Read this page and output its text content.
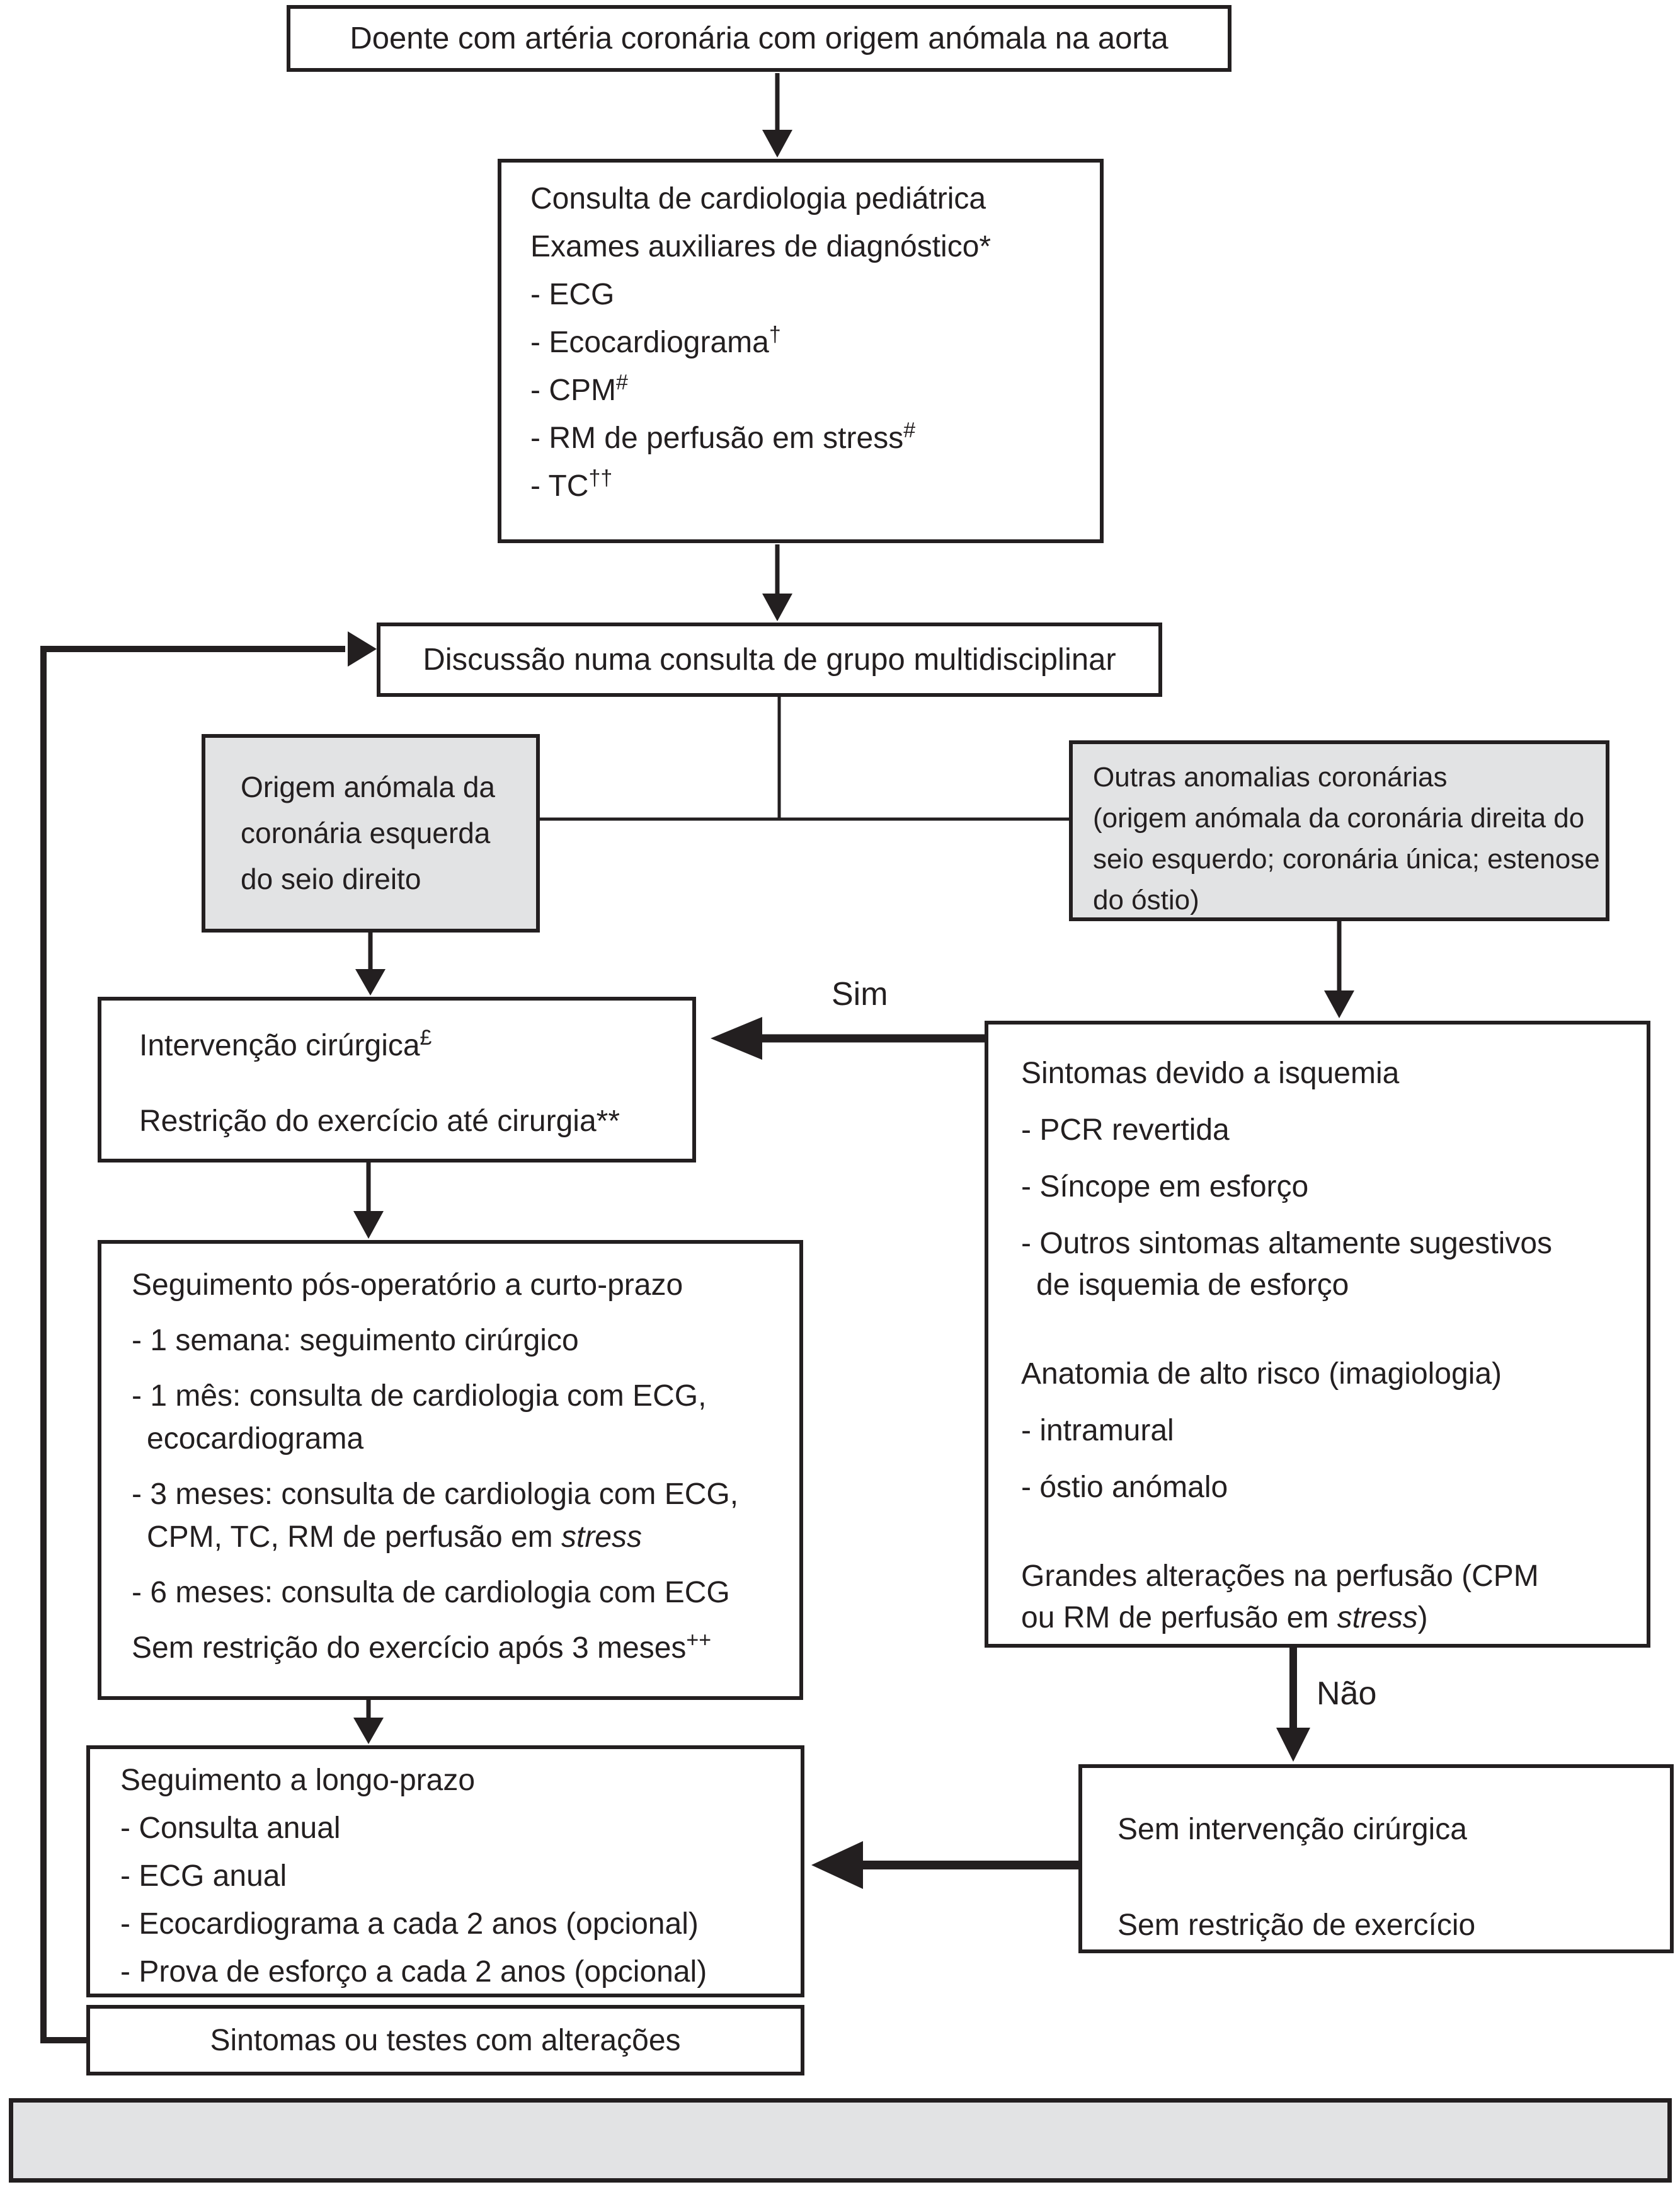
Doente com artéria coronária com origem anómala na aorta
Consulta de cardiologia pediátrica
Exames auxiliares de diagnóstico*
- ECG
- Ecocardiograma†
- CPM#
- RM de perfusão em stress#
- TC††
Discussão numa consulta de grupo multidisciplinar
Origem anómala da
coronária esquerda
do seio direito
Outras anomalias coronárias
(origem anómala da coronária direita do
seio esquerdo; coronária única; estenose
do óstio)
Sim
Intervenção cirúrgica£
Restrição do exercício até cirurgia**
Sintomas devido a isquemia
- PCR revertida
- Síncope em esforço
- Outros sintomas altamente sugestivos
de isquemia de esforço
Anatomia de alto risco (imagiologia)
- intramural
- óstio anómalo
Grandes alterações na perfusão (CPM
ou RM de perfusão em stress)
Seguimento pós-operatório a curto-prazo
- 1 semana: seguimento cirúrgico
- 1 mês: consulta de cardiologia com ECG,
ecocardiograma
- 3 meses: consulta de cardiologia com ECG,
CPM, TC, RM de perfusão em stress
- 6 meses: consulta de cardiologia com ECG
Sem restrição do exercício após 3 meses++
Não
Seguimento a longo-prazo
- Consulta anual
- ECG anual
- Ecocardiograma a cada 2 anos (opcional)
- Prova de esforço a cada 2 anos (opcional)
Sem intervenção cirúrgica
Sem restrição de exercício
Sintomas ou testes com alterações
